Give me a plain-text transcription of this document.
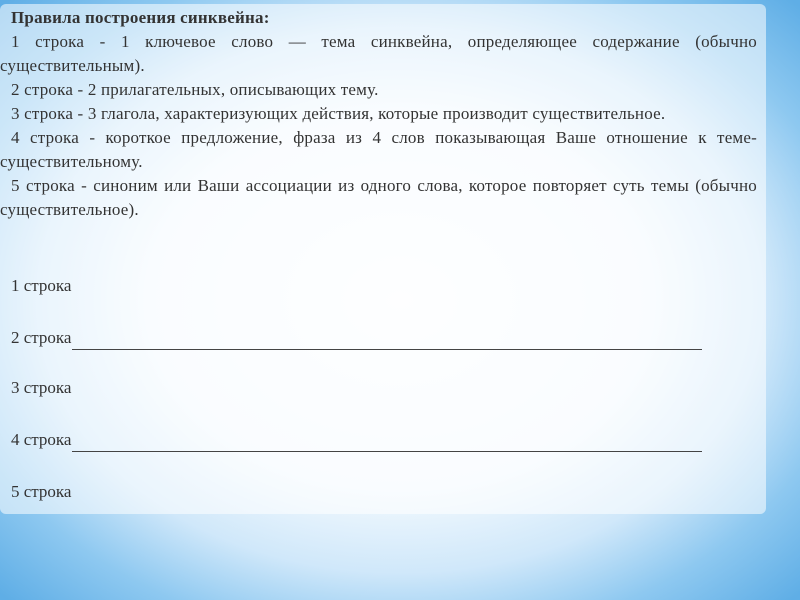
Правила построения синквейна:
1 строка - 1 ключевое слово — тема синквейна, определяющее содержание (обычно существительным).
2 строка - 2 прилагательных, описывающих тему.
3 строка - 3 глагола, характеризующих действия, которые производит существительное.
4 строка - короткое предложение, фраза из 4 слов показывающая Ваше отношение к теме-существительному.
5 строка - синоним или Ваши ассоциации из одного слова, которое повторяет суть темы (обычно существительное).
1 строка
2 строка
3 строка
4 строка
5 строка
